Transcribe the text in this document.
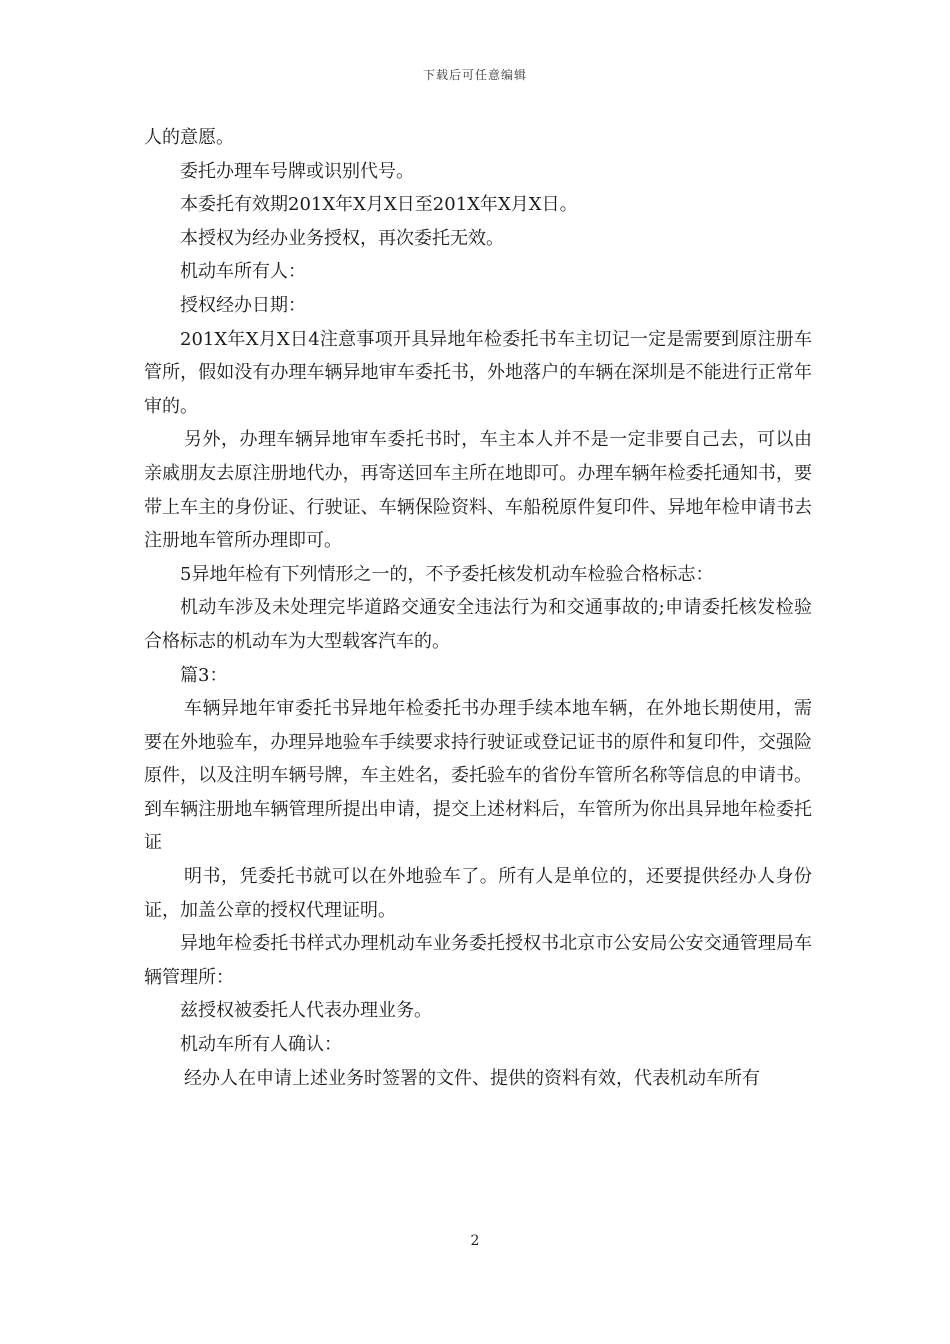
下载后可任意编辑

人的意愿。

委托办理车号牌或识别代号。

本委托有效期201X年X月X日至201X年X月X日。

本授权为经办业务授权，再次委托无效。

机动车所有人：

授权经办日期：

201X年X月X日4注意事项开具异地年检委托书车主切记一定是需要到原注册车管所，假如没有办理车辆异地审车委托书，外地落户的车辆在深圳是不能进行正常年审的。

另外，办理车辆异地审车委托书时，车主本人并不是一定非要自己去，可以由亲戚朋友去原注册地代办，再寄送回车主所在地即可。办理车辆年检委托通知书，要带上车主的身份证、行驶证、车辆保险资料、车船税原件复印件、异地年检申请书去注册地车管所办理即可。

5异地年检有下列情形之一的，不予委托核发机动车检验合格标志：

机动车涉及未处理完毕道路交通安全违法行为和交通事故的;申请委托核发检验合格标志的机动车为大型载客汽车的。

篇3：

车辆异地年审委托书异地年检委托书办理手续本地车辆，在外地长期使用，需要在外地验车，办理异地验车手续要求持行驶证或登记证书的原件和复印件，交强险原件，以及注明车辆号牌，车主姓名，委托验车的省份车管所名称等信息的申请书。到车辆注册地车辆管理所提出申请，提交上述材料后，车管所为你出具异地年检委托证

明书，凭委托书就可以在外地验车了。所有人是单位的，还要提供经办人身份证，加盖公章的授权代理证明。

异地年检委托书样式办理机动车业务委托授权书北京市公安局公安交通管理局车辆管理所：

兹授权被委托人代表办理业务。

机动车所有人确认：

经办人在申请上述业务时签署的文件、提供的资料有效，代表机动车所有

2
